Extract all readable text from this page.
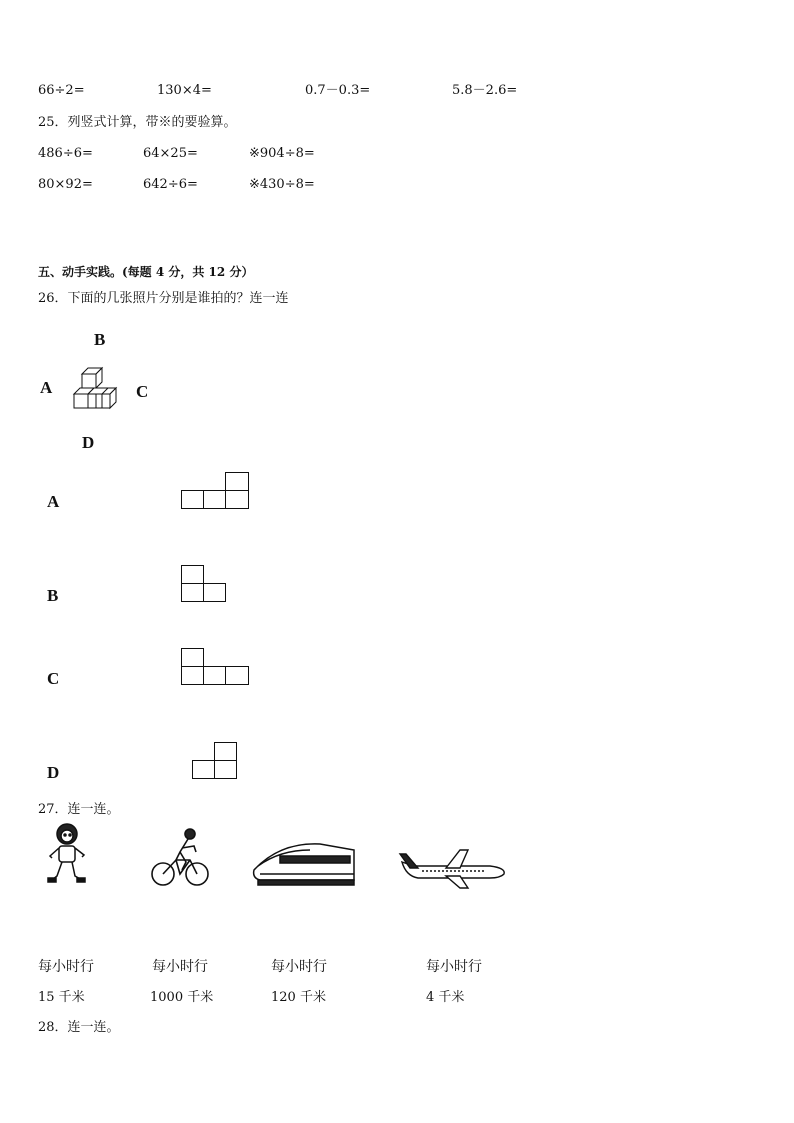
66÷2=	130×4=	0.7－0.3=	5.8－2.6=
25．列竖式计算，带※的要验算。
486÷6=	64×25=	※904÷8=
80×92=	642÷6=	※430÷8=
五、动手实践。(每题 4 分，共 12 分）
26．下面的几张照片分别是谁拍的？连一连
B
A	C
D
A
B
C
D
27．连一连。
每小时行	每小时行	每小时行	每小时行
15 千米	1000 千米	120 千米	4 千米
28．连一连。
